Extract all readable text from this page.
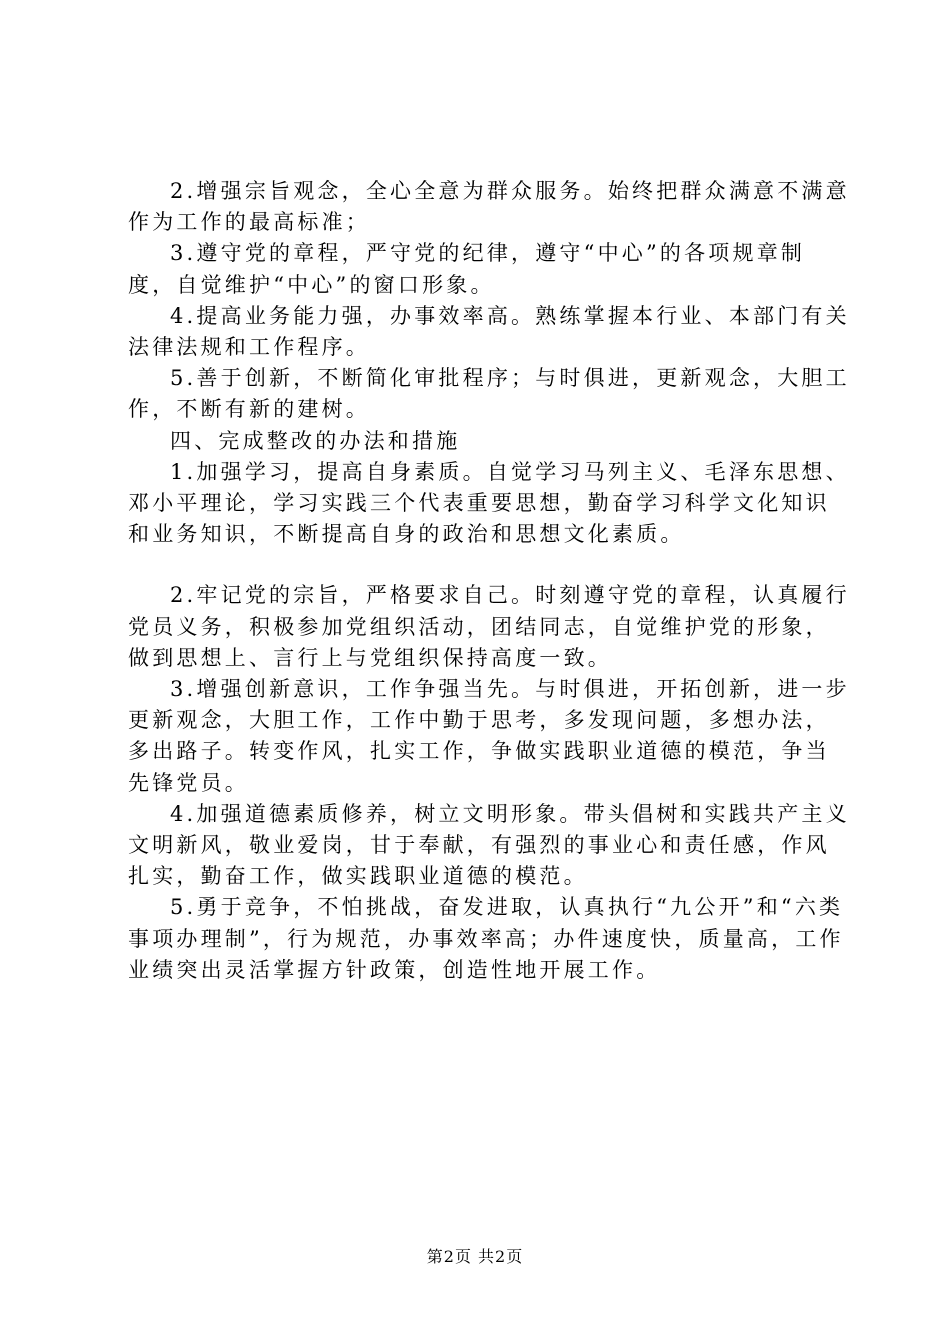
2.增强宗旨观念，全心全意为群众服务。始终把群众满意不满意作为工作的最高标准；

3.遵守党的章程，严守党的纪律，遵守“中心”的各项规章制度，自觉维护“中心”的窗口形象。

4.提高业务能力强，办事效率高。熟练掌握本行业、本部门有关法律法规和工作程序。

5.善于创新，不断简化审批程序；与时俱进，更新观念，大胆工作，不断有新的建树。

四、完成整改的办法和措施

1.加强学习，提高自身素质。自觉学习马列主义、毛泽东思想、邓小平理论，学习实践三个代表重要思想，勤奋学习科学文化知识和业务知识，不断提高自身的政治和思想文化素质。

2.牢记党的宗旨，严格要求自己。时刻遵守党的章程，认真履行党员义务，积极参加党组织活动，团结同志，自觉维护党的形象，做到思想上、言行上与党组织保持高度一致。

3.增强创新意识，工作争强当先。与时俱进，开拓创新，进一步更新观念，大胆工作，工作中勤于思考，多发现问题，多想办法，多出路子。转变作风，扎实工作，争做实践职业道德的模范，争当先锋党员。

4.加强道德素质修养，树立文明形象。带头倡树和实践共产主义文明新风，敬业爱岗，甘于奉献，有强烈的事业心和责任感，作风扎实，勤奋工作，做实践职业道德的模范。

5.勇于竞争，不怕挑战，奋发进取，认真执行“九公开”和“六类事项办理制”，行为规范，办事效率高；办件速度快，质量高，工作业绩突出灵活掌握方针政策，创造性地开展工作。

第2页 共2页
